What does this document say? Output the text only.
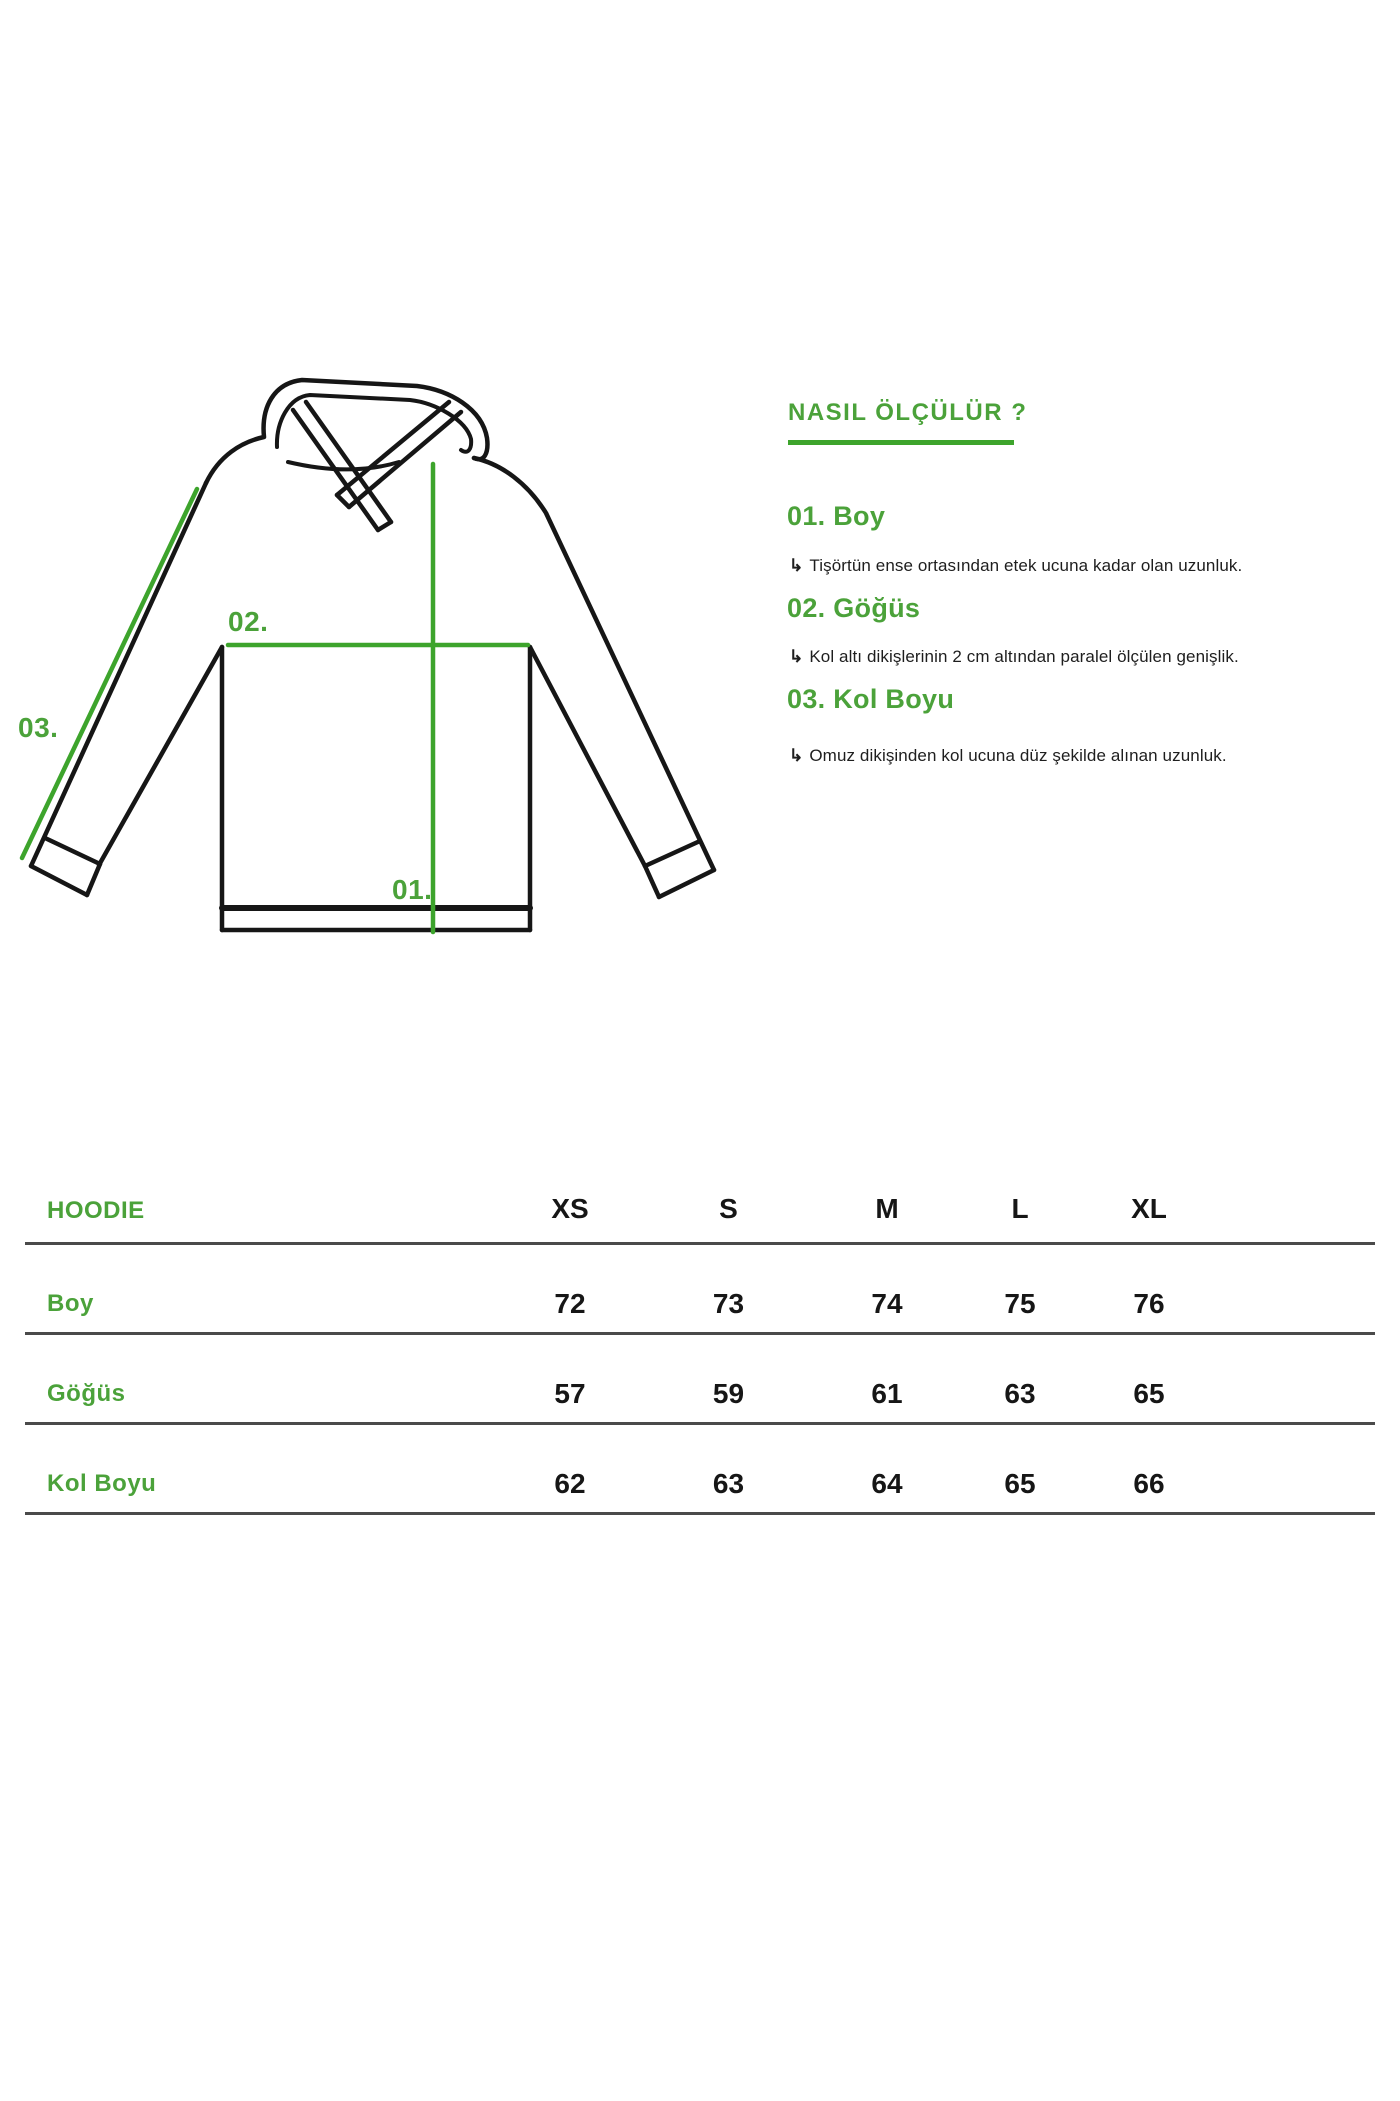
02.
03.
01.
NASIL ÖLÇÜLÜR ?
01. Boy
↳ Tişörtün ense ortasından etek ucuna kadar olan uzunluk.
02. Göğüs
↳ Kol altı dikişlerinin 2 cm altından paralel ölçülen genişlik.
03. Kol Boyu
↳ Omuz dikişinden kol ucuna düz şekilde alınan uzunluk.
HOODIE	XS	S	M	L	XL
Boy	72	73	74	75	76
Göğüs	57	59	61	63	65
Kol Boyu	62	63	64	65	66
